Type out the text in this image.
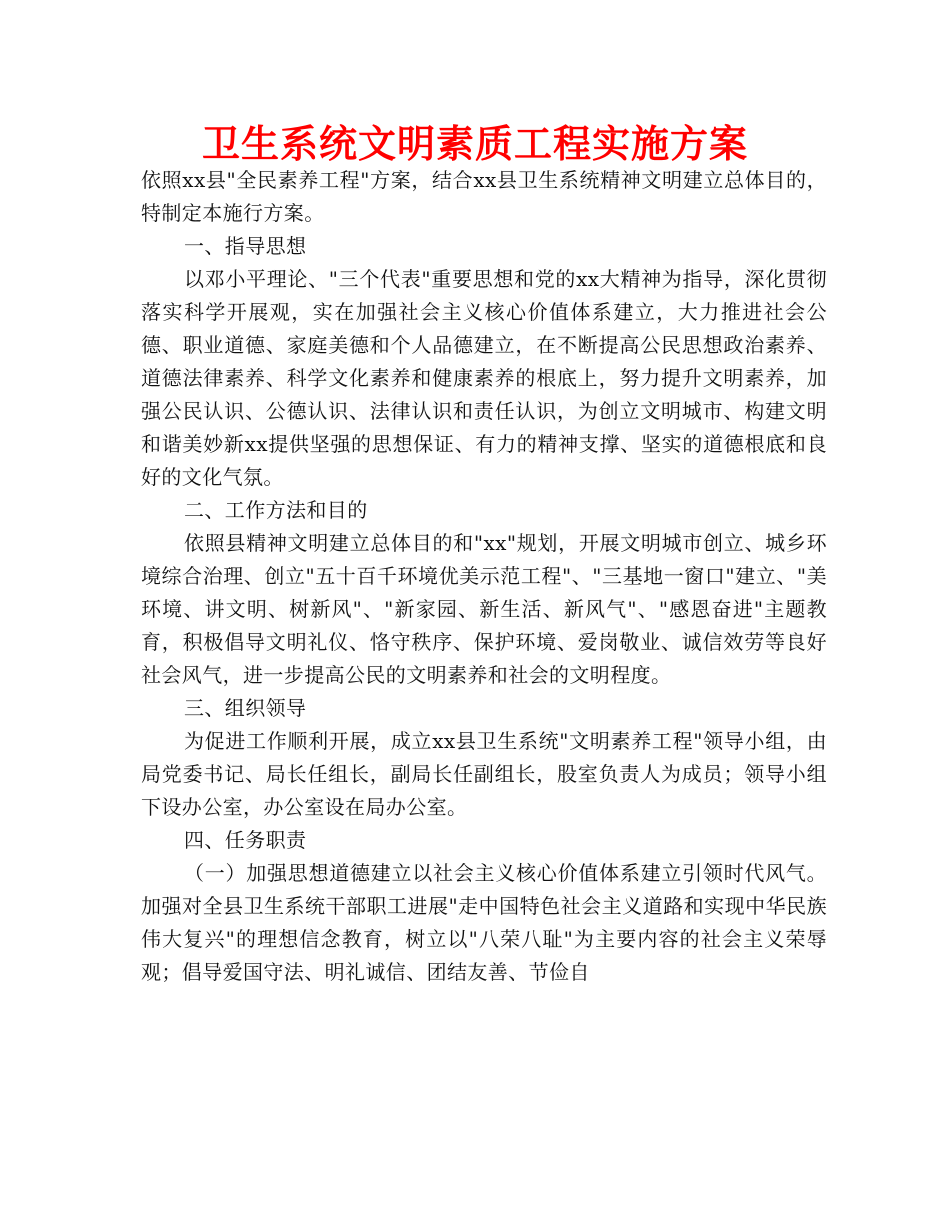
卫生系统文明素质工程实施方案

依照xx县"全民素养工程"方案，结合xx县卫生系统精神文明建立总体目的，特制定本施行方案。

一、指导思想

以邓小平理论、"三个代表"重要思想和党的xx大精神为指导，深化贯彻落实科学开展观，实在加强社会主义核心价值体系建立，大力推进社会公德、职业道德、家庭美德和个人品德建立，在不断提高公民思想政治素养、道德法律素养、科学文化素养和健康素养的根底上，努力提升文明素养，加强公民认识、公德认识、法律认识和责任认识，为创立文明城市、构建文明和谐美妙新xx提供坚强的思想保证、有力的精神支撑、坚实的道德根底和良好的文化气氛。

二、工作方法和目的

依照县精神文明建立总体目的和"xx"规划，开展文明城市创立、城乡环境综合治理、创立"五十百千环境优美示范工程"、"三基地一窗口"建立、"美环境、讲文明、树新风"、"新家园、新生活、新风气"、"感恩奋进"主题教育，积极倡导文明礼仪、恪守秩序、保护环境、爱岗敬业、诚信效劳等良好社会风气，进一步提高公民的文明素养和社会的文明程度。

三、组织领导

为促进工作顺利开展，成立xx县卫生系统"文明素养工程"领导小组，由局党委书记、局长任组长，副局长任副组长，股室负责人为成员；领导小组下设办公室，办公室设在局办公室。

四、任务职责

（一）加强思想道德建立以社会主义核心价值体系建立引领时代风气。加强对全县卫生系统干部职工进展"走中国特色社会主义道路和实现中华民族伟大复兴"的理想信念教育，树立以"八荣八耻"为主要内容的社会主义荣辱观；倡导爱国守法、明礼诚信、团结友善、节俭自
